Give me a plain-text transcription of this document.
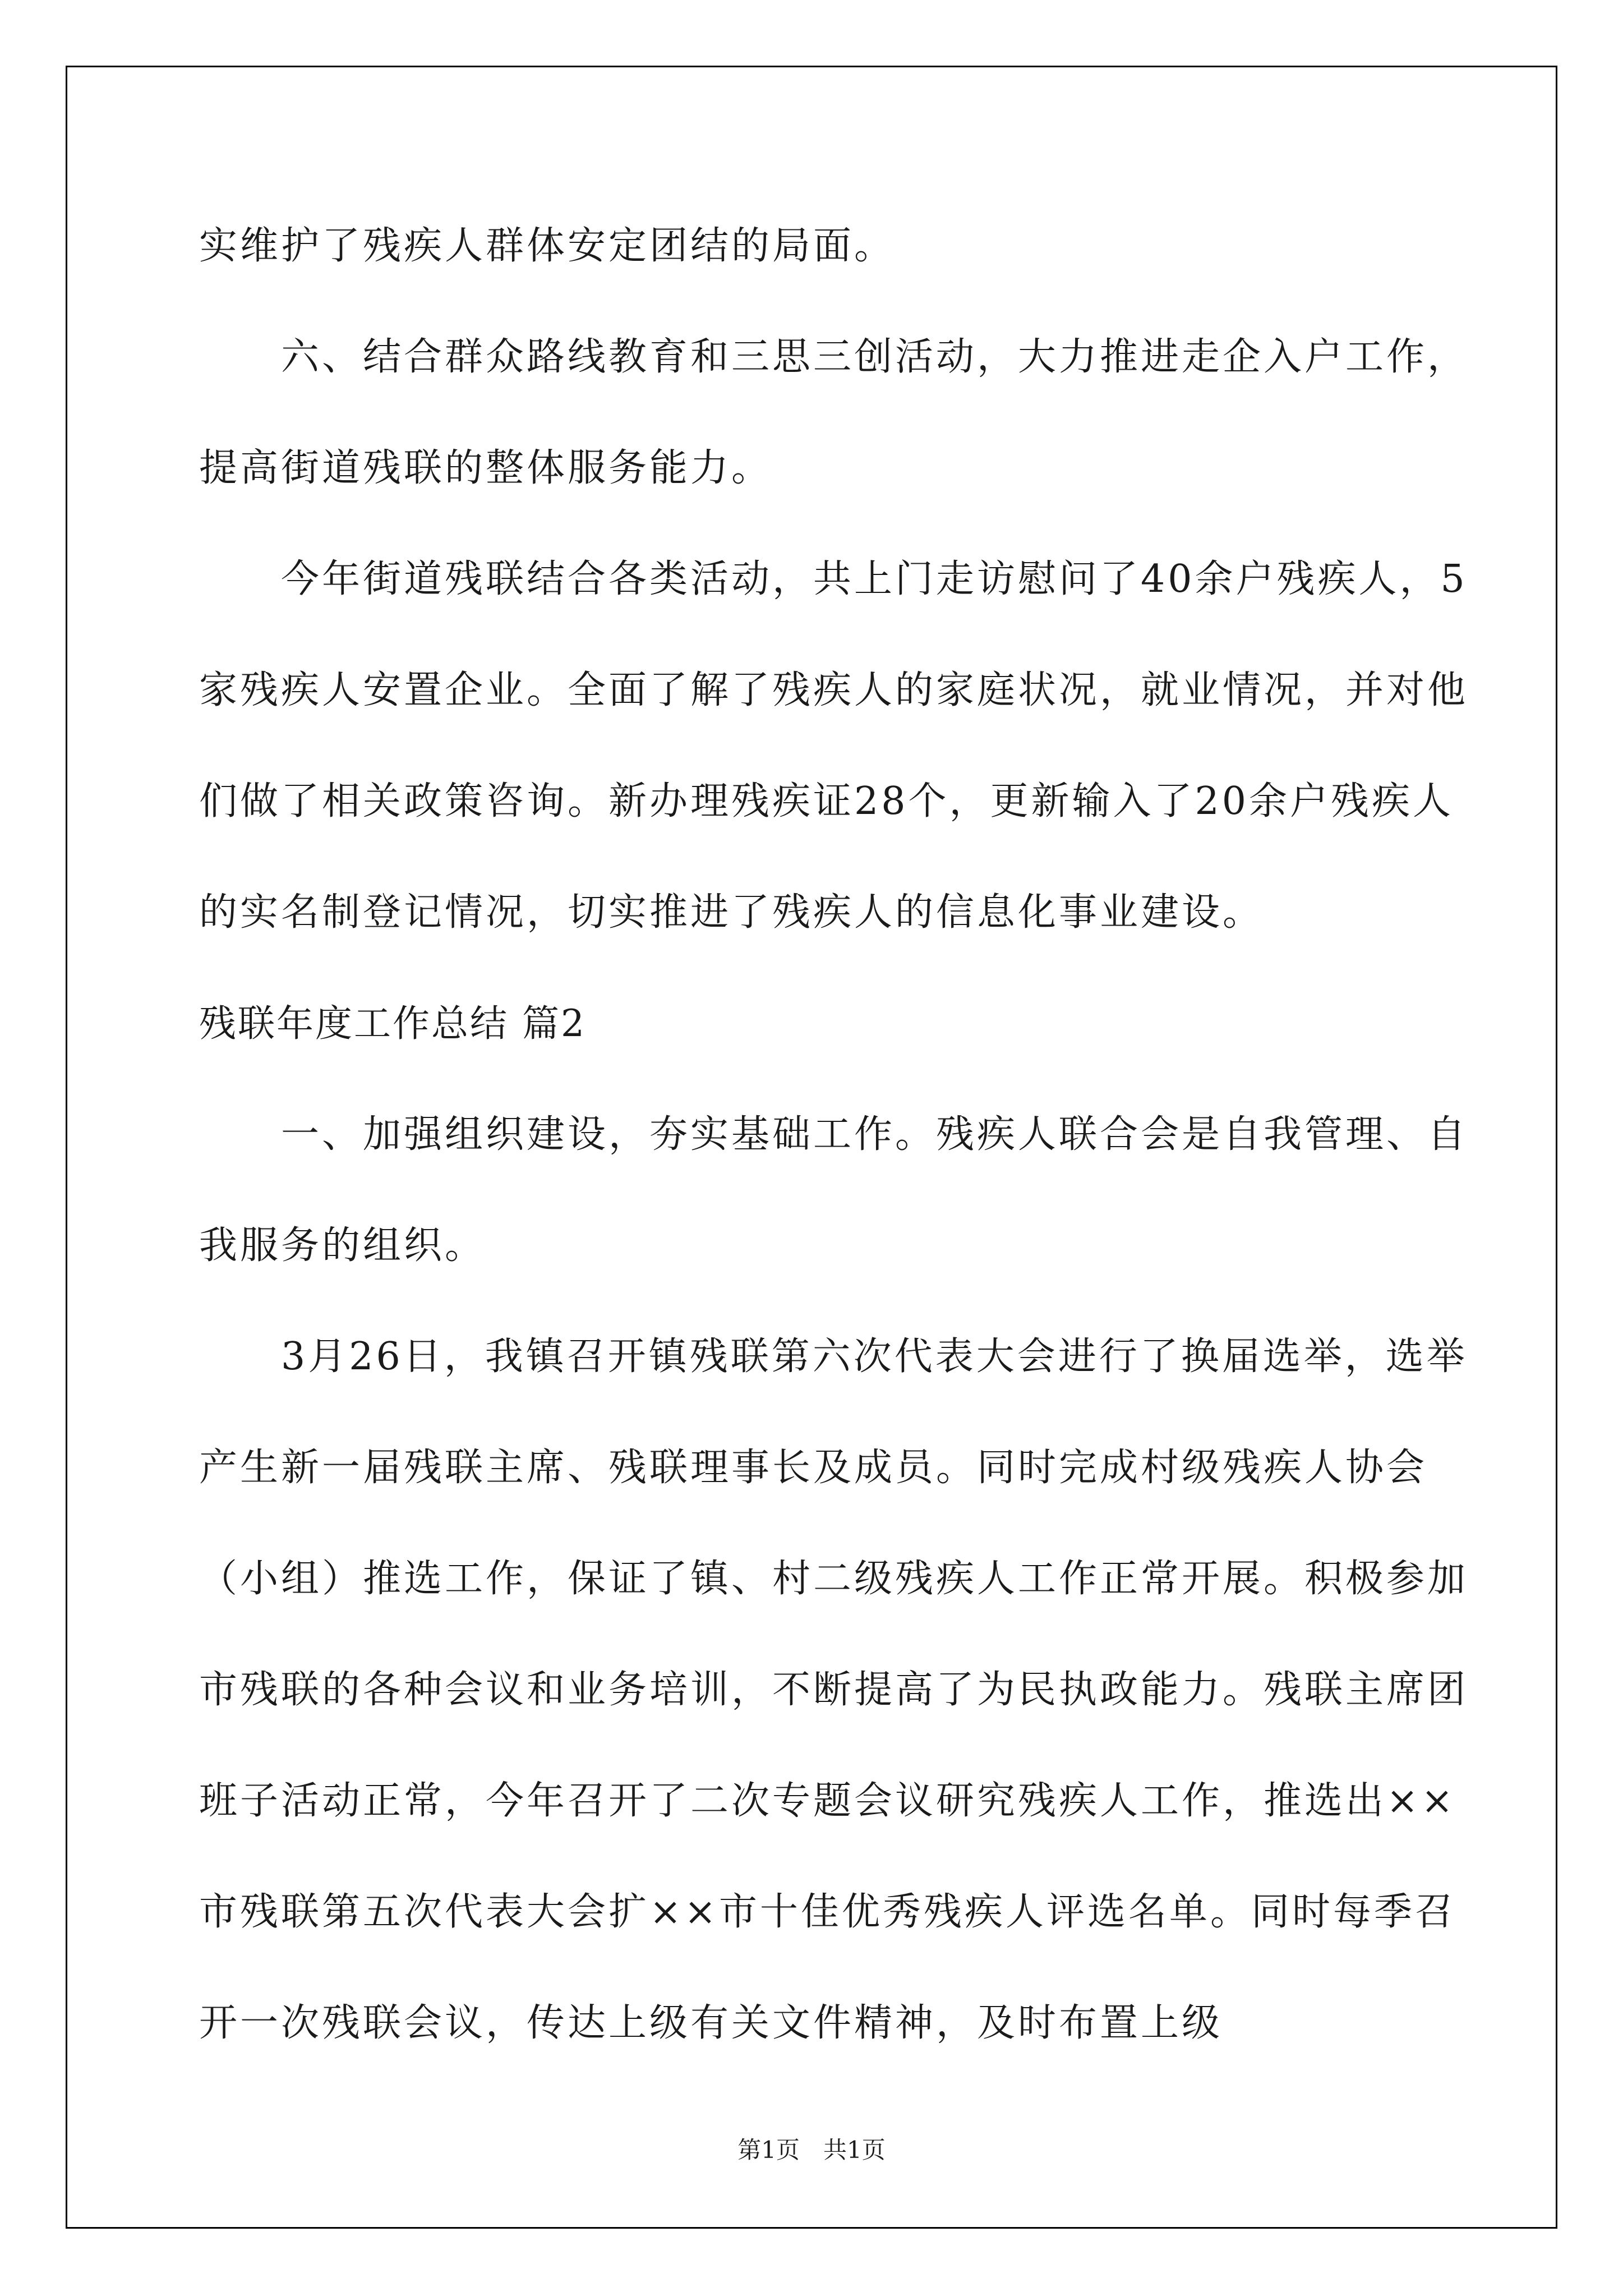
实维护了残疾人群体安定团结的局面。

六、结合群众路线教育和三思三创活动，大力推进走企入户工作，提高街道残联的整体服务能力。

今年街道残联结合各类活动，共上门走访慰问了40余户残疾人，5家残疾人安置企业。全面了解了残疾人的家庭状况，就业情况，并对他们做了相关政策咨询。新办理残疾证28个，更新输入了20余户残疾人的实名制登记情况，切实推进了残疾人的信息化事业建设。

残联年度工作总结 篇2

一、加强组织建设，夯实基础工作。残疾人联合会是自我管理、自我服务的组织。

3月26日，我镇召开镇残联第六次代表大会进行了换届选举，选举产生新一届残联主席、残联理事长及成员。同时完成村级残疾人协会（小组）推选工作，保证了镇、村二级残疾人工作正常开展。积极参加市残联的各种会议和业务培训，不断提高了为民执政能力。残联主席团班子活动正常，今年召开了二次专题会议研究残疾人工作，推选出××市残联第五次代表大会扩××市十佳优秀残疾人评选名单。同时每季召开一次残联会议，传达上级有关文件精神，及时布置上级

第1页　共1页
